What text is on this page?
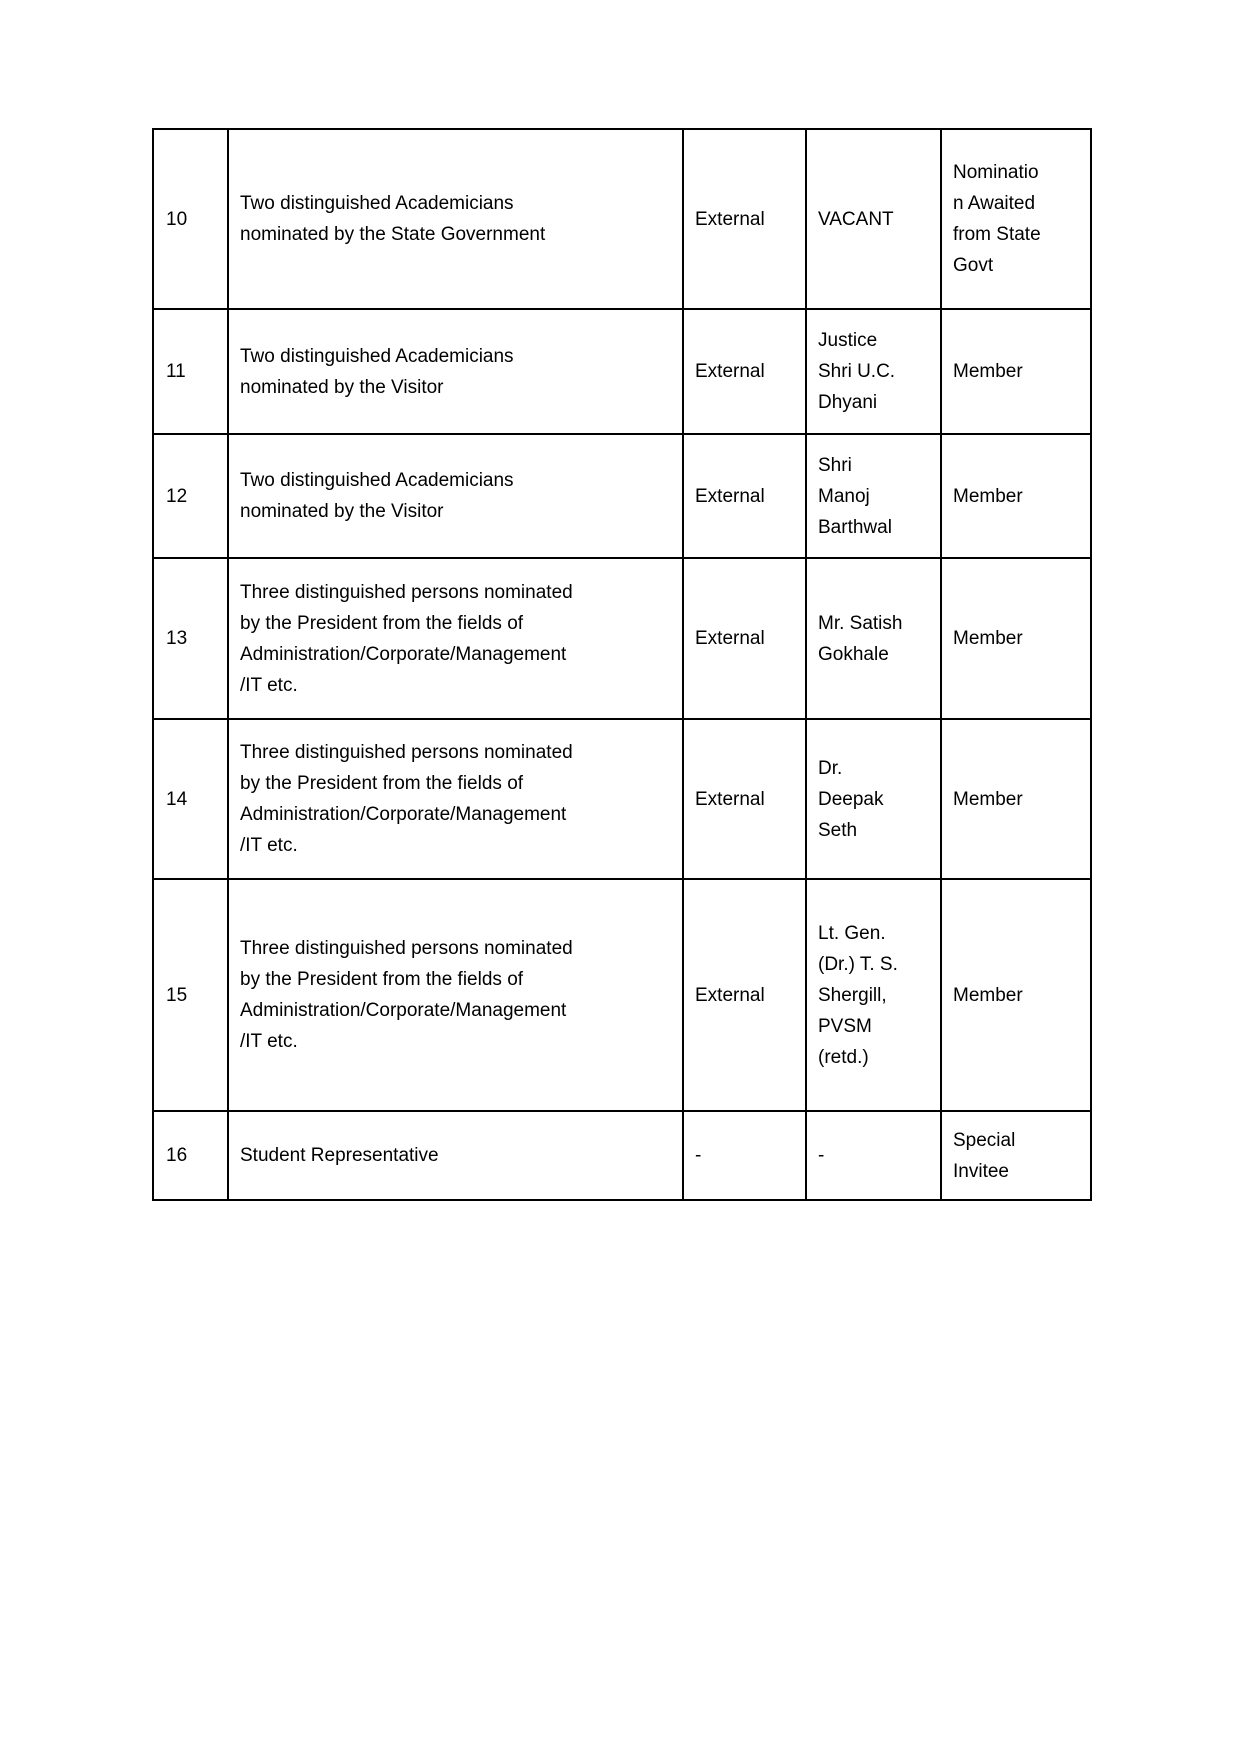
10	Two distinguished Academicians nominated by the State Government	External	VACANT	Nomination Awaited from State Govt
11	Two distinguished Academicians nominated by the Visitor	External	Justice Shri U.C. Dhyani	Member
12	Two distinguished Academicians nominated by the Visitor	External	Shri Manoj Barthwal	Member
13	Three distinguished persons nominated by the President from the fields of Administration/Corporate/Management /IT etc.	External	Mr. Satish Gokhale	Member
14	Three distinguished persons nominated by the President from the fields of Administration/Corporate/Management /IT etc.	External	Dr. Deepak Seth	Member
15	Three distinguished persons nominated by the President from the fields of Administration/Corporate/Management /IT etc.	External	Lt. Gen.(Dr.) T. S. Shergill, PVSM (retd.)	Member
16	Student Representative	-	-	Special Invitee
